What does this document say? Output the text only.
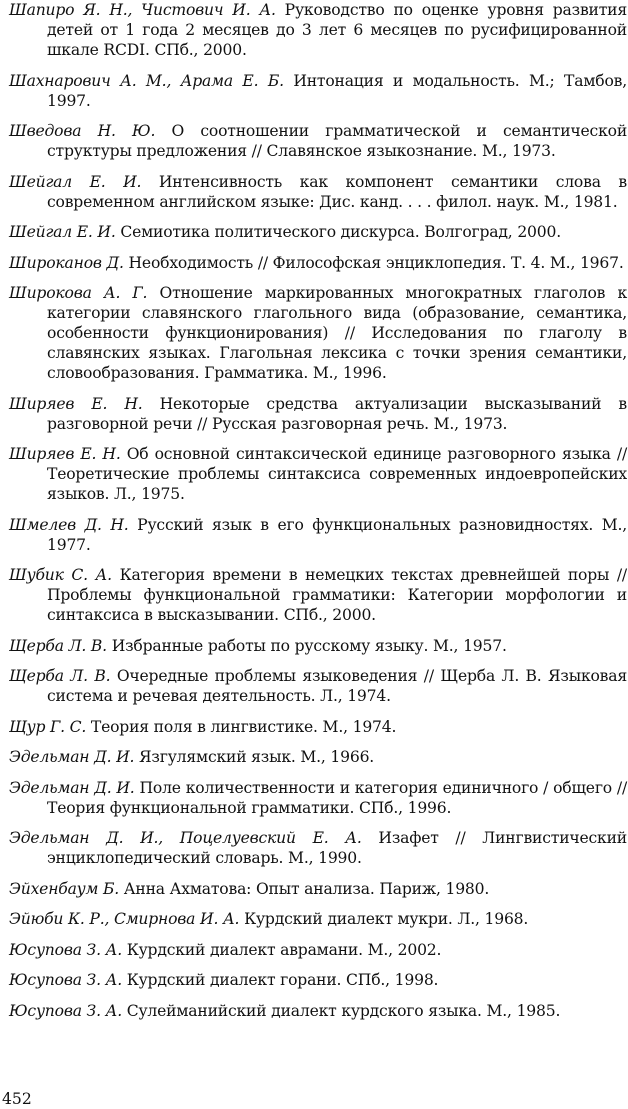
Шапиро Я. Н., Чистович И. А. Руководство по оценке уровня развития детей от 1 года 2 месяцев до 3 лет 6 месяцев по русифицированной шкале RCDI. СПб., 2000.
Шахнарович А. М., Арама Е. Б. Интонация и модальность. М.; Тамбов, 1997.
Шведова Н. Ю. О соотношении грамматической и семантической структуры предложения // Славянское языкознание. М., 1973.
Шейгал Е. И. Интенсивность как компонент семантики слова в современном английском языке: Дис. канд. . . . филол. наук. М., 1981.
Шейгал Е. И. Семиотика политического дискурса. Волгоград, 2000.
Широканов Д. Необходимость // Философская энциклопедия. Т. 4. М., 1967.
Широкова А. Г. Отношение маркированных многократных глаголов к категории славянского глагольного вида (образование, семантика, особенности функционирования) // Исследования по глаголу в славянских языках. Глагольная лексика с точки зрения семантики, словообразования. Грамматика. М., 1996.
Ширяев Е. Н. Некоторые средства актуализации высказываний в разговорной речи // Русская разговорная речь. М., 1973.
Ширяев Е. Н. Об основной синтаксической единице разговорного языка // Теоретические проблемы синтаксиса современных индоевропейских языков. Л., 1975.
Шмелев Д. Н. Русский язык в его функциональных разновидностях. М., 1977.
Шубик С. А. Категория времени в немецких текстах древнейшей поры // Проблемы функциональной грамматики: Категории морфологии и синтаксиса в высказывании. СПб., 2000.
Щерба Л. В. Избранные работы по русскому языку. М., 1957.
Щерба Л. В. Очередные проблемы языковедения // Щерба Л. В. Языковая система и речевая деятельность. Л., 1974.
Щур Г. С. Теория поля в лингвистике. М., 1974.
Эдельман Д. И. Язгулямский язык. М., 1966.
Эдельман Д. И. Поле количественности и категория единичного / общего // Теория функциональной грамматики. СПб., 1996.
Эдельман Д. И., Поцелуевский Е. А. Изафет // Лингвистический энциклопедический словарь. М., 1990.
Эйхенбаум Б. Анна Ахматова: Опыт анализа. Париж, 1980.
Эйюби К. Р., Смирнова И. А. Курдский диалект мукри. Л., 1968.
Юсупова З. А. Курдский диалект аврамани. М., 2002.
Юсупова З. А. Курдский диалект горани. СПб., 1998.
Юсупова З. А. Сулейманийский диалект курдского языка. М., 1985.
452
